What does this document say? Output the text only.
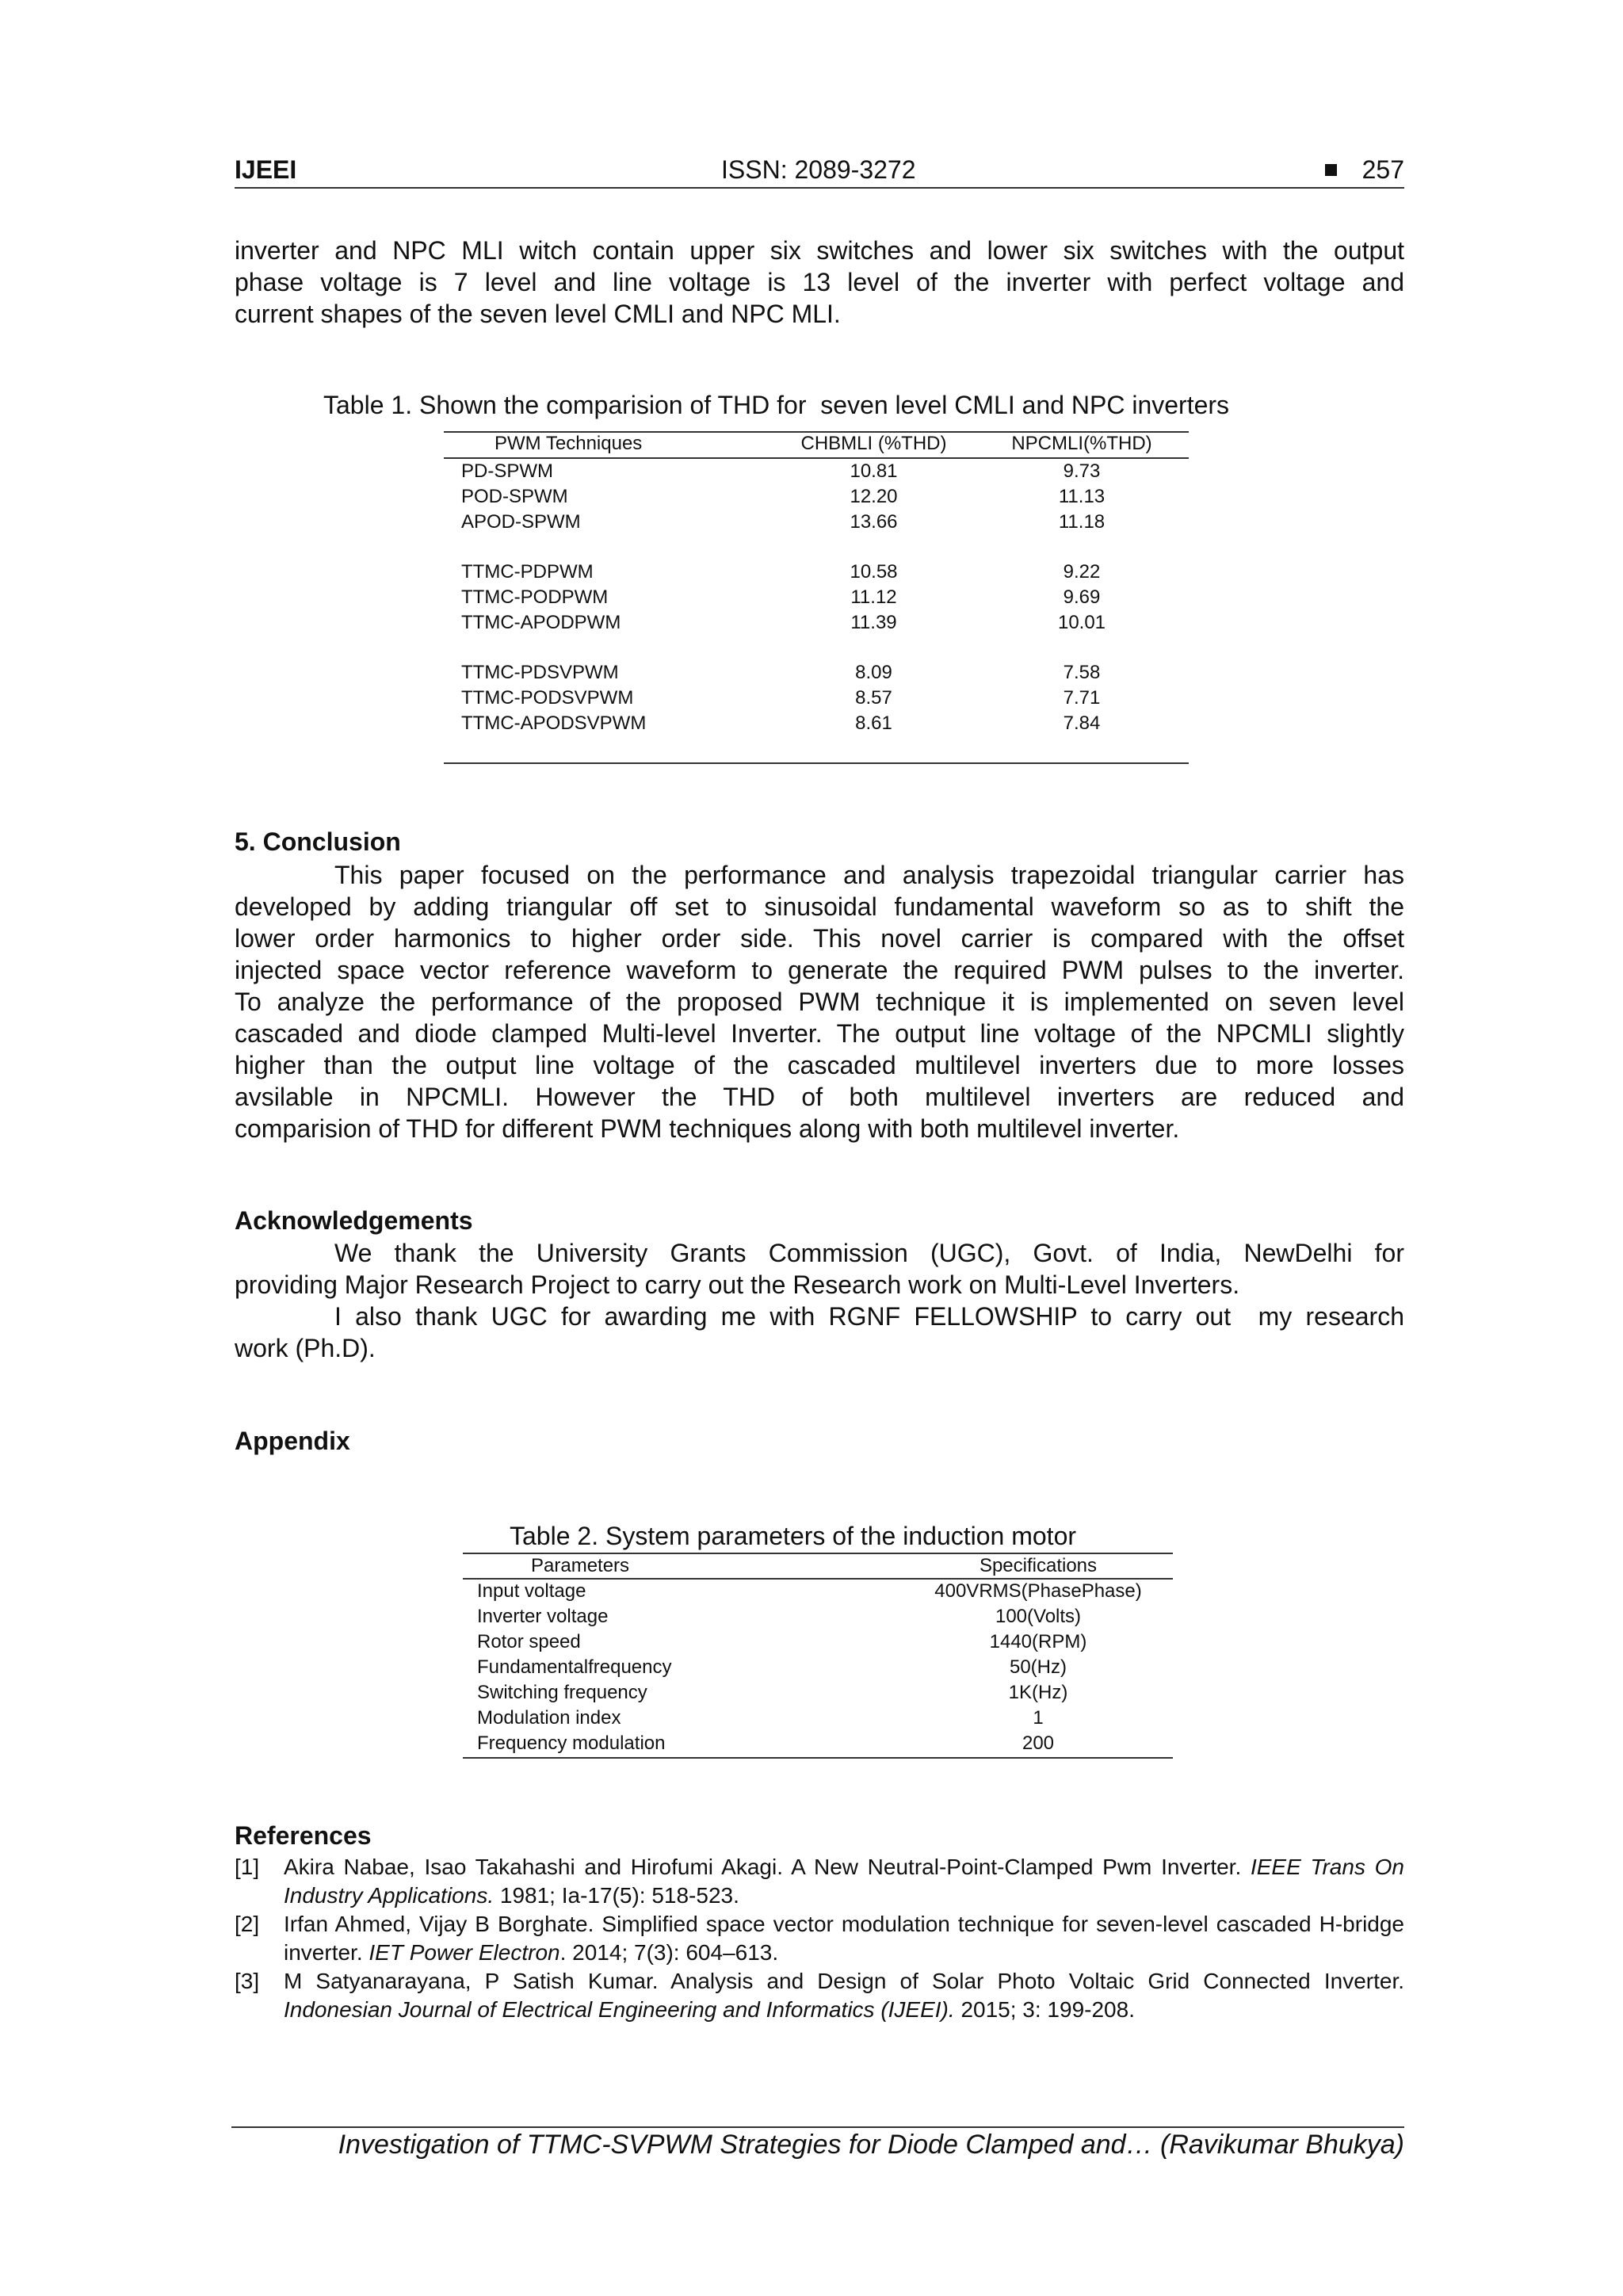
IJEEI	ISSN: 2089-3272	257

inverter and NPC MLI witch contain upper six switches and lower six switches with the output

phase voltage is 7 level and line voltage is 13 level of the inverter with perfect voltage and

current shapes of the seven level CMLI and NPC MLI.

Table 1. Shown the comparision of THD for  seven level CMLI and NPC inverters
PWM Techniques	CHBMLI (%THD)	NPCMLI(%THD)
PD-SPWM	10.81	9.73
POD-SPWM	12.20	11.13
APOD-SPWM	13.66	11.18
TTMC-PDPWM	10.58	9.22
TTMC-PODPWM	11.12	9.69
TTMC-APODPWM	11.39	10.01
TTMC-PDSVPWM	8.09	7.58
TTMC-PODSVPWM	8.57	7.71
TTMC-APODSVPWM	8.61	7.84
5. Conclusion

This paper focused on the performance and analysis trapezoidal triangular carrier has

developed by adding triangular off set to sinusoidal fundamental waveform so as to shift the

lower order harmonics to higher order side. This novel carrier is compared with the offset

injected space vector reference waveform to generate the required PWM pulses to the inverter.

To analyze the performance of the proposed PWM technique it is implemented on seven level

cascaded and diode clamped Multi-level Inverter. The output line voltage of the NPCMLI slightly

higher than the output line voltage of the cascaded multilevel inverters due to more losses

avsilable in NPCMLI. However the THD of both multilevel inverters are reduced and

comparision of THD for different PWM techniques along with both multilevel inverter.

Acknowledgements

We thank the University Grants Commission (UGC), Govt. of India, NewDelhi for

providing Major Research Project to carry out the Research work on Multi-Level Inverters.

I also thank UGC for awarding me with RGNF FELLOWSHIP to carry out  my research

work (Ph.D).

Appendix
Table 2. System parameters of the induction motor
Parameters	Specifications
Input voltage	400VRMS(PhasePhase)
Inverter voltage	100(Volts)
Rotor speed	1440(RPM)
Fundamentalfrequency	50(Hz)
Switching frequency	1K(Hz)
Modulation index	1
Frequency modulation	200
References
[1] Akira Nabae, Isao Takahashi and Hirofumi Akagi. A New Neutral-Point-Clamped Pwm Inverter. IEEE Trans On Industry Applications. 1981; Ia-17(5): 518-523.
[2] Irfan Ahmed, Vijay B Borghate. Simplified space vector modulation technique for seven-level cascaded H-bridge inverter. IET Power Electron. 2014; 7(3): 604–613.
[3] M Satyanarayana, P Satish Kumar. Analysis and Design of Solar Photo Voltaic Grid Connected Inverter. Indonesian Journal of Electrical Engineering and Informatics (IJEEI). 2015; 3: 199-208.
Investigation of TTMC-SVPWM Strategies for Diode Clamped and… (Ravikumar Bhukya)
